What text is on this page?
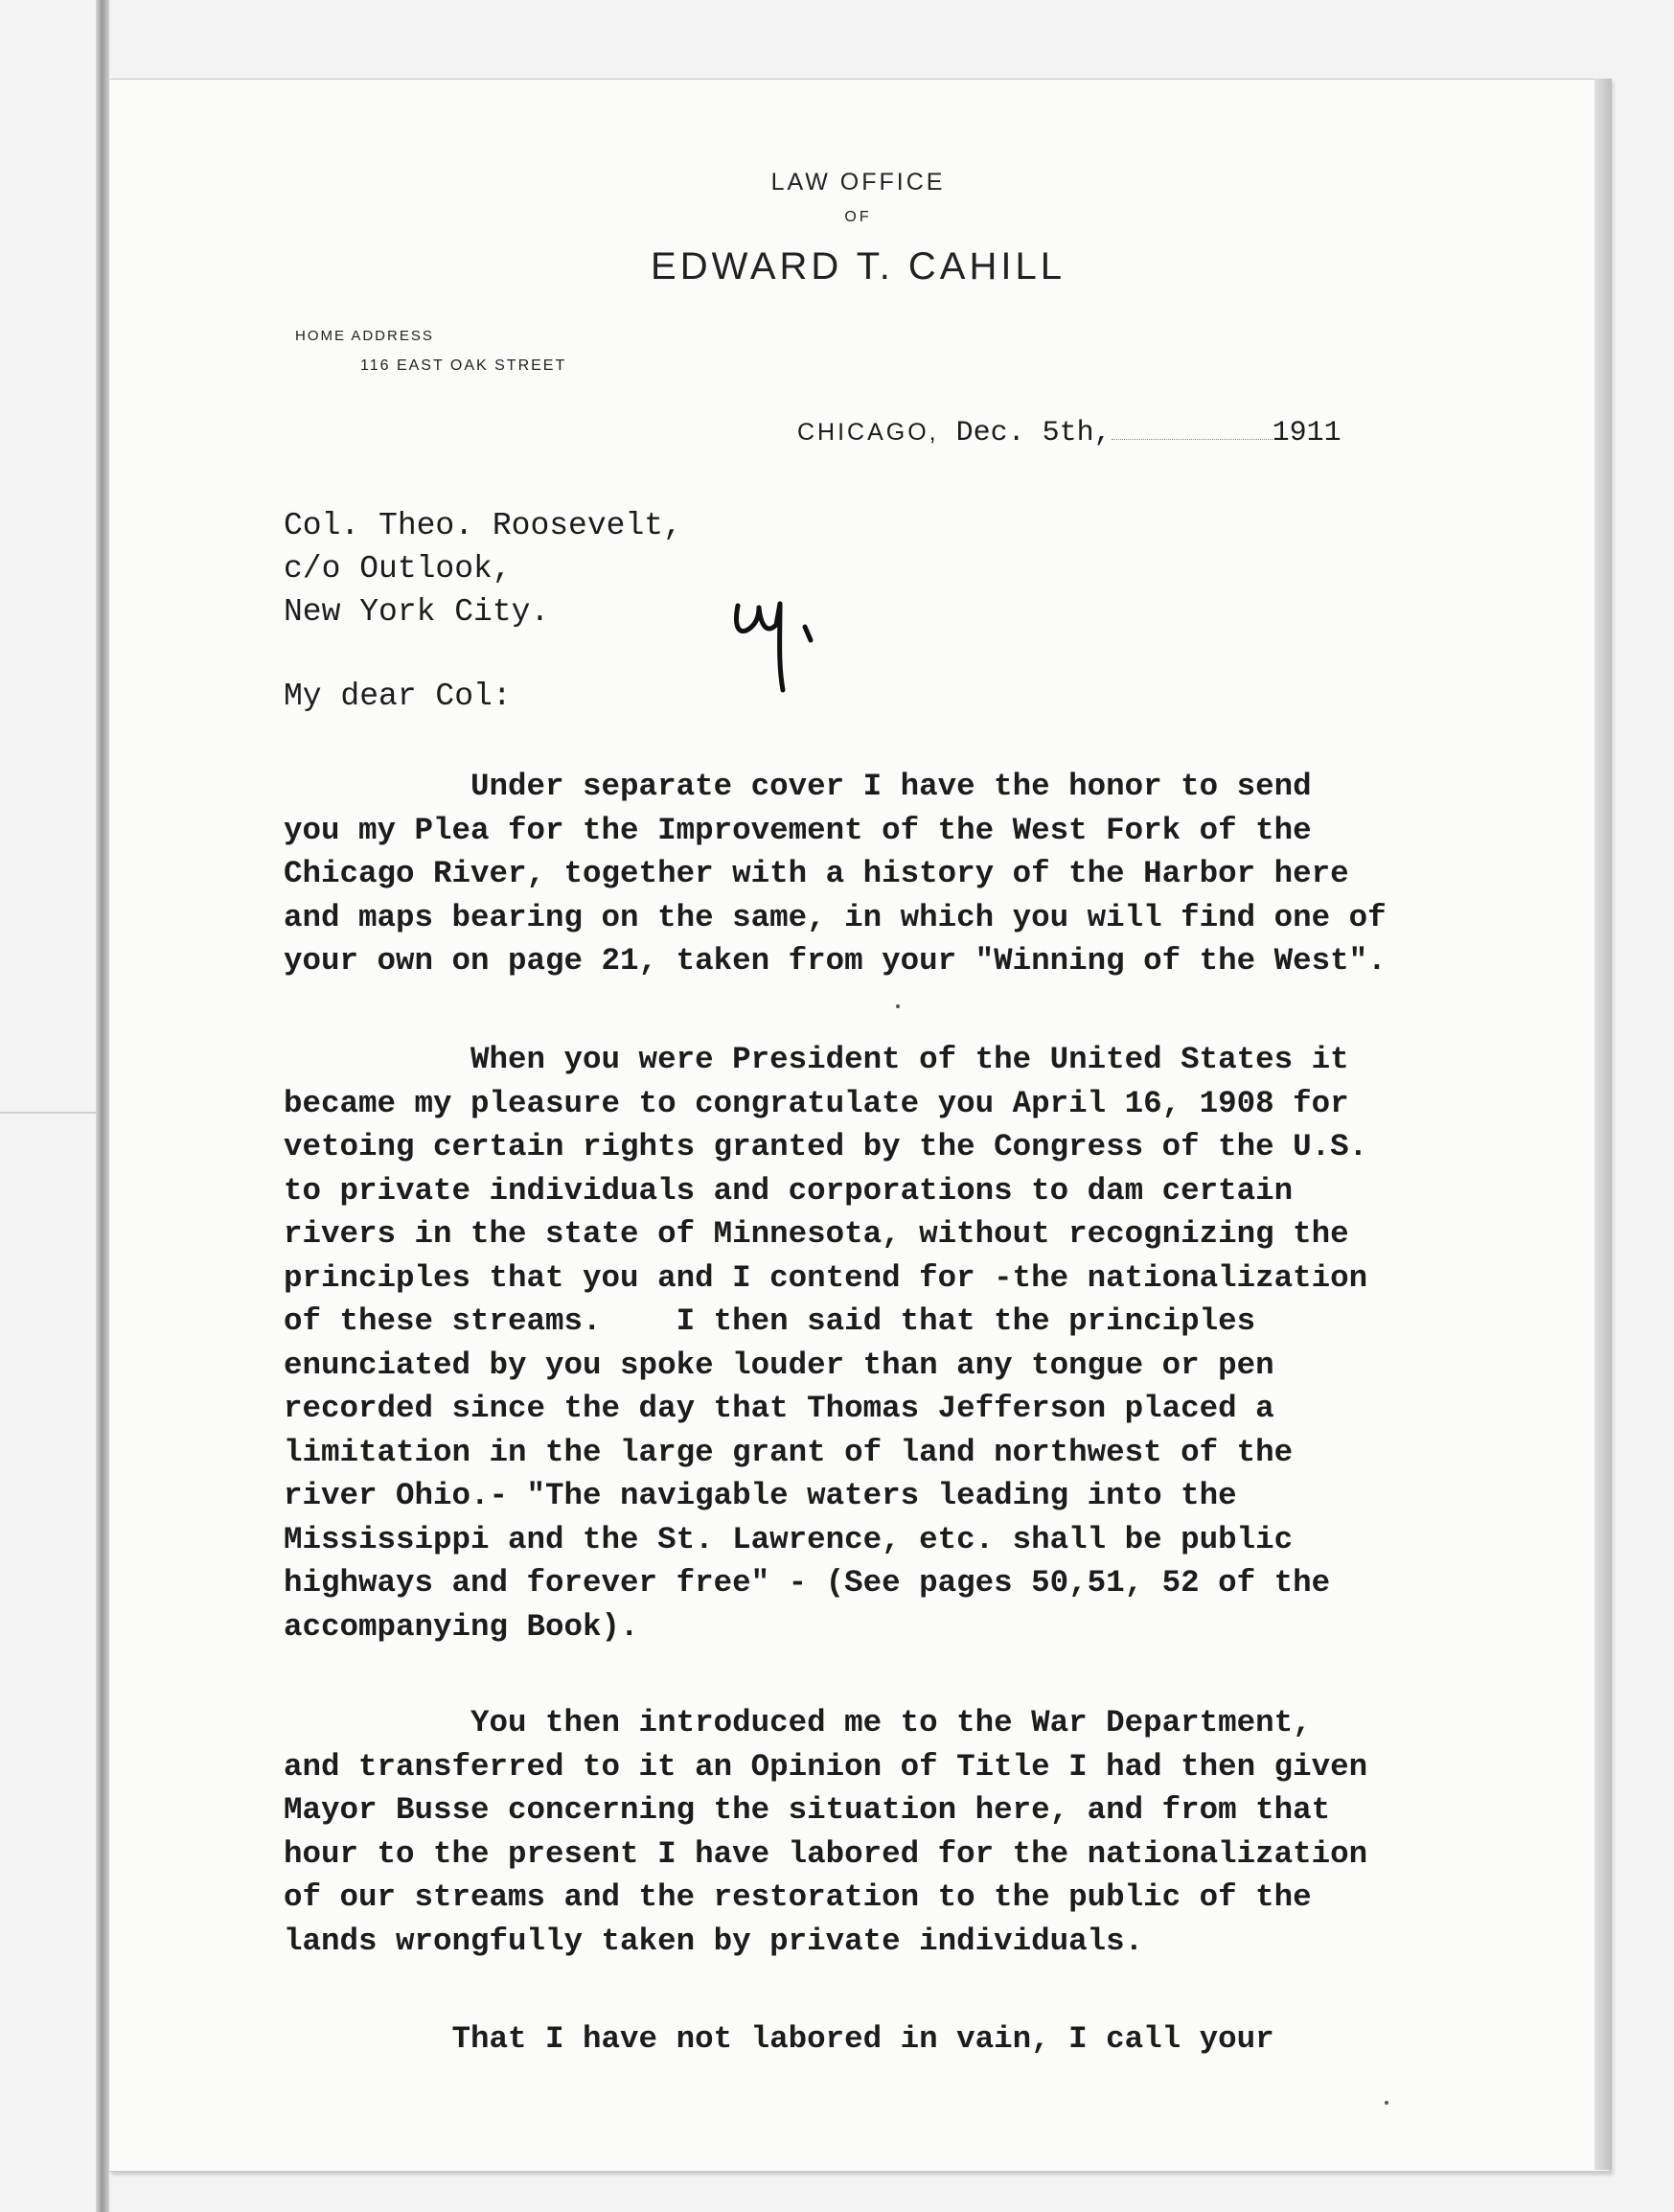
LAW OFFICE
OF
EDWARD T. CAHILL
HOME ADDRESS
116 EAST OAK STREET
CHICAGO, Dec. 5th,	1911
Col. Theo. Roosevelt,
c/o Outlook,
New York City.
My dear Col:
Under separate cover I have the honor to send
you my Plea for the Improvement of the West Fork of the
Chicago River, together with a history of the Harbor here
and maps bearing on the same, in which you will find one of
your own on page 21, taken from your "Winning of the West".
When you were President of the United States it
became my pleasure to congratulate you April 16, 1908 for
vetoing certain rights granted by the Congress of the U.S.
to private individuals and corporations to dam certain
rivers in the state of Minnesota, without recognizing the
principles that you and I contend for -the nationalization
of these streams.    I then said that the principles
enunciated by you spoke louder than any tongue or pen
recorded since the day that Thomas Jefferson placed a
limitation in the large grant of land northwest of the
river Ohio.- "The navigable waters leading into the
Mississippi and the St. Lawrence, etc. shall be public
highways and forever free" - (See pages 50,51, 52 of the
accompanying Book).
You then introduced me to the War Department,
and transferred to it an Opinion of Title I had then given
Mayor Busse concerning the situation here, and from that
hour to the present I have labored for the nationalization
of our streams and the restoration to the public of the
lands wrongfully taken by private individuals.
That I have not labored in vain, I call your
